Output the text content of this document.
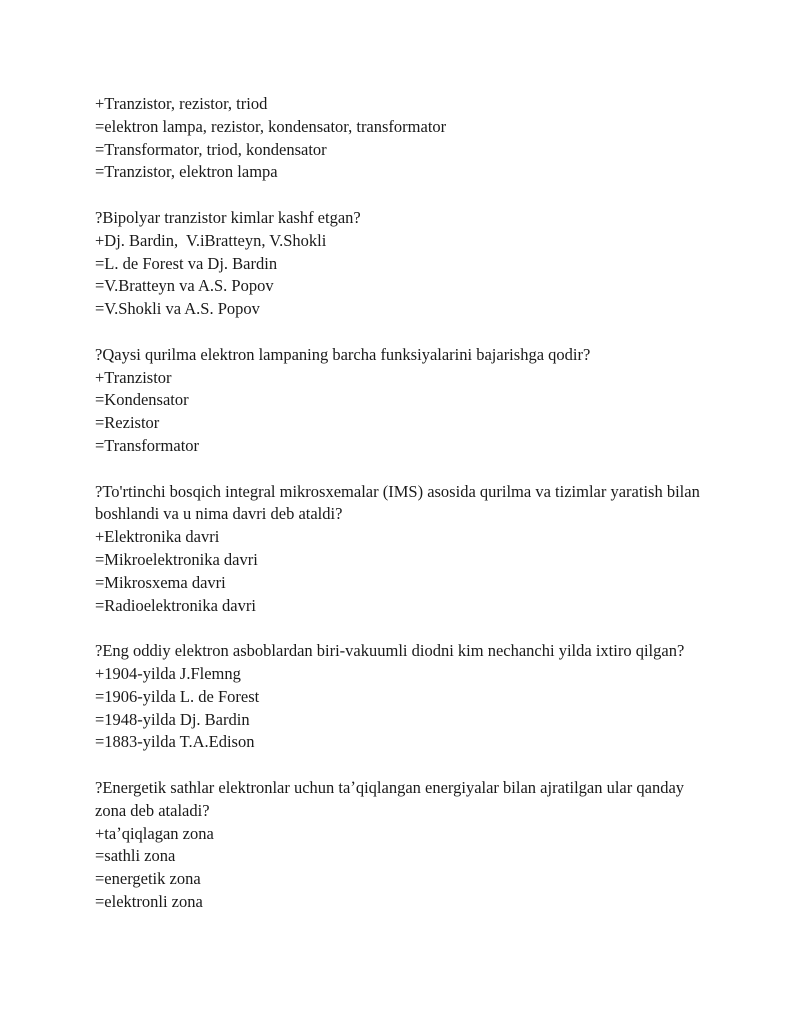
+Tranzistor, rezistor, triod
=elektron lampa, rezistor, kondensator, transformator
=Transformator, triod, kondensator
=Tranzistor, elektron lampa
?Bipolyar tranzistor kimlar kashf etgan?
+Dj. Bardin,  V.iBratteyn, V.Shokli
=L. de Forest va Dj. Bardin
=V.Bratteyn va A.S. Popov
=V.Shokli va A.S. Popov
?Qaysi qurilma elektron lampaning barcha funksiyalarini bajarishga qodir?
+Tranzistor
=Kondensator
=Rezistor
=Transformator
?To'rtinchi bosqich integral mikrosxemalar (IMS) asosida qurilma va tizimlar yaratish bilan boshlandi va u nima davri deb ataldi?
+Elektronika davri
=Mikroelektronika davri
=Mikrosxema davri
=Radioelektronika davri
?Eng oddiy elektron asboblardan biri-vakuumli diodni kim nechanchi yilda ixtiro qilgan?
+1904-yilda J.Flemng
=1906-yilda L. de Forest
=1948-yilda Dj. Bardin
=1883-yilda T.A.Edison
?Energetik sathlar elektronlar uchun taʼqiqlangan energiyalar bilan ajratilgan ular qanday zona deb ataladi?
+taʼqiqlagan zona
=sathli zona
=energetik zona
=elektronli zona
